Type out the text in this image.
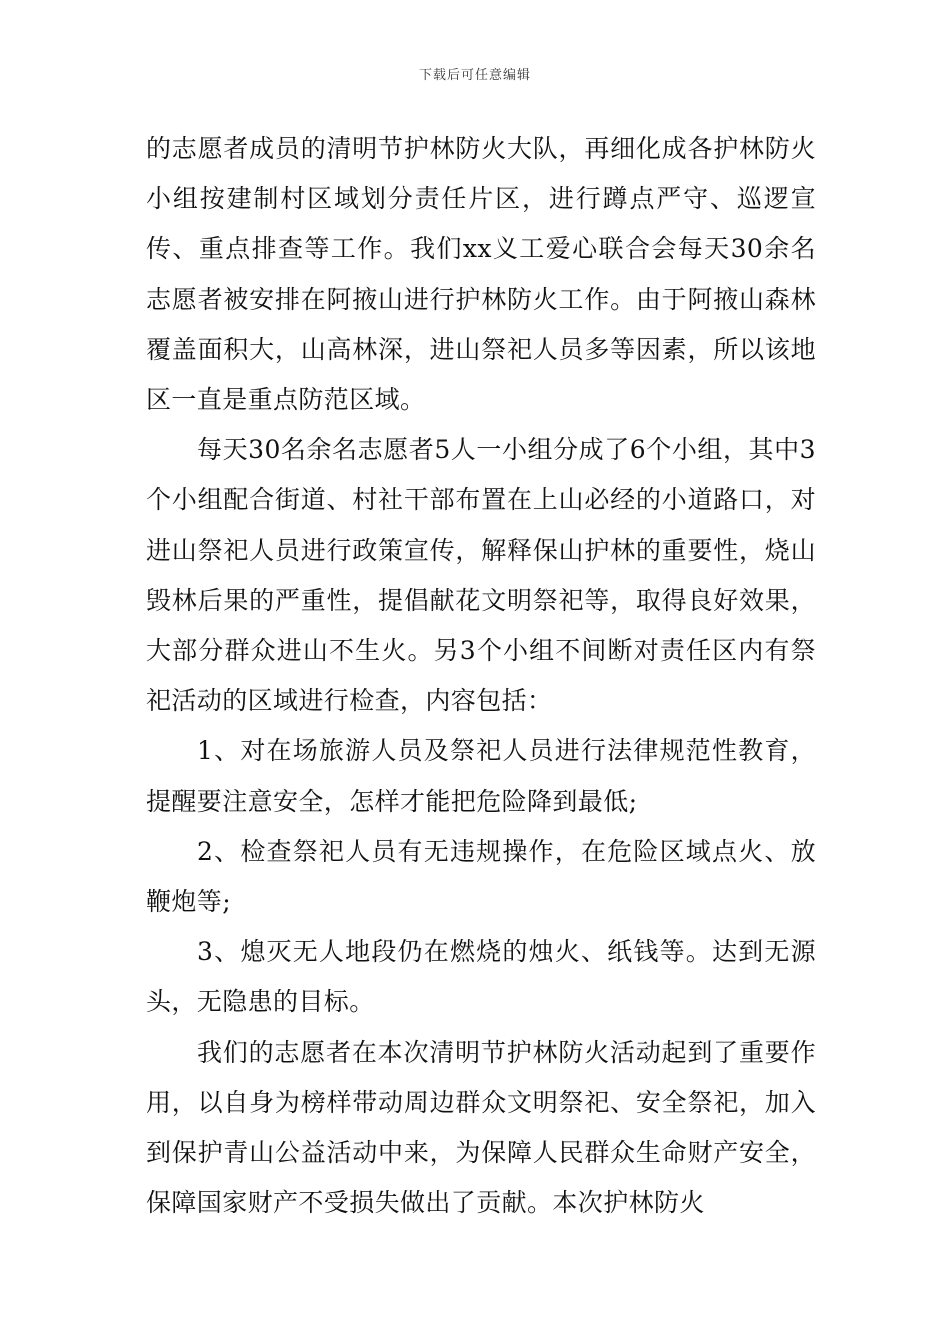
下载后可任意编辑

的志愿者成员的清明节护林防火大队，再细化成各护林防火小组按建制村区域划分责任片区，进行蹲点严守、巡逻宣传、重点排查等工作。我们xx义工爱心联合会每天30余名志愿者被安排在阿掖山进行护林防火工作。由于阿掖山森林覆盖面积大，山高林深，进山祭祀人员多等因素，所以该地区一直是重点防范区域。

每天30名余名志愿者5人一小组分成了6个小组，其中3个小组配合街道、村社干部布置在上山必经的小道路口，对进山祭祀人员进行政策宣传，解释保山护林的重要性，烧山毁林后果的严重性，提倡献花文明祭祀等，取得良好效果，大部分群众进山不生火。另3个小组不间断对责任区内有祭祀活动的区域进行检查，内容包括：

1、对在场旅游人员及祭祀人员进行法律规范性教育，提醒要注意安全，怎样才能把危险降到最低;

2、检查祭祀人员有无违规操作，在危险区域点火、放鞭炮等;

3、熄灭无人地段仍在燃烧的烛火、纸钱等。达到无源头，无隐患的目标。

我们的志愿者在本次清明节护林防火活动起到了重要作用，以自身为榜样带动周边群众文明祭祀、安全祭祀，加入到保护青山公益活动中来，为保障人民群众生命财产安全，保障国家财产不受损失做出了贡献。本次护林防火
